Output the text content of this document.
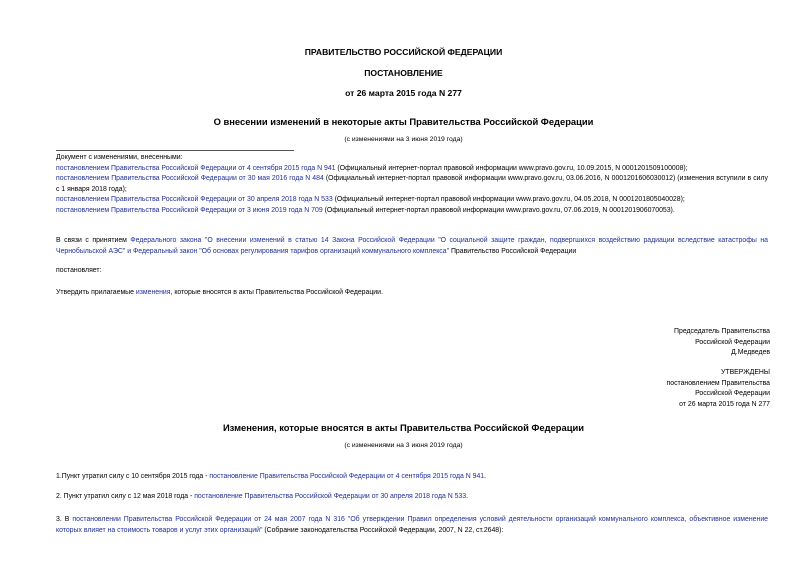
ПРАВИТЕЛЬСТВО РОССИЙСКОЙ ФЕДЕРАЦИИ
ПОСТАНОВЛЕНИЕ
от 26 марта 2015 года N 277
О внесении изменений в некоторые акты Правительства Российской Федерации
(с изменениями на 3 июня 2019 года)
Документ с изменениями, внесенными:
постановлением Правительства Российской Федерации от 4 сентября 2015 года N 941 (Официальный интернет-портал правовой информации www.pravo.gov.ru, 10.09.2015, N 0001201509100008);
постановлением Правительства Российской Федерации от 30 мая 2016 года N 484 (Официальный интернет-портал правовой информации www.pravo.gov.ru, 03.06.2016, N 0001201606030012) (изменения вступили в силу с 1 января 2018 года);
постановлением Правительства Российской Федерации от 30 апреля 2018 года N 533 (Официальный интернет-портал правовой информации www.pravo.gov.ru, 04.05.2018, N 0001201805040028);
постановлением Правительства Российской Федерации от 3 июня 2019 года N 709 (Официальный интернет-портал правовой информации www.pravo.gov.ru, 07.06.2019, N 0001201906070053).
В связи с принятием Федерального закона "О внесении изменений в статью 14 Закона Российской Федерации "О социальной защите граждан, подвергшихся воздействию радиации вследствие катастрофы на Чернобыльской АЭС" и Федеральный закон "Об основах регулирования тарифов организаций коммунального комплекса" Правительство Российской Федерации
постановляет:
Утвердить прилагаемые изменения, которые вносятся в акты Правительства Российской Федерации.
Председатель Правительства
Российской Федерации
Д.Медведев
УТВЕРЖДЕНЫ
постановлением Правительства
Российской Федерации
от 26 марта 2015 года N 277
Изменения, которые вносятся в акты Правительства Российской Федерации
(с изменениями на 3 июня 2019 года)
1.Пункт утратил силу с 10 сентября 2015 года - постановление Правительства Российской Федерации от 4 сентября 2015 года N 941.
2. Пункт утратил силу с 12 мая 2018 года - постановление Правительства Российской Федерации от 30 апреля 2018 года N 533.
3. В постановлении Правительства Российской Федерации от 24 мая 2007 года N 316 "Об утверждении Правил определения условий деятельности организаций коммунального комплекса, объективное изменение которых влияет на стоимость товаров и услуг этих организаций" (Собрание законодательства Российской Федерации, 2007, N 22, ст.2648):
